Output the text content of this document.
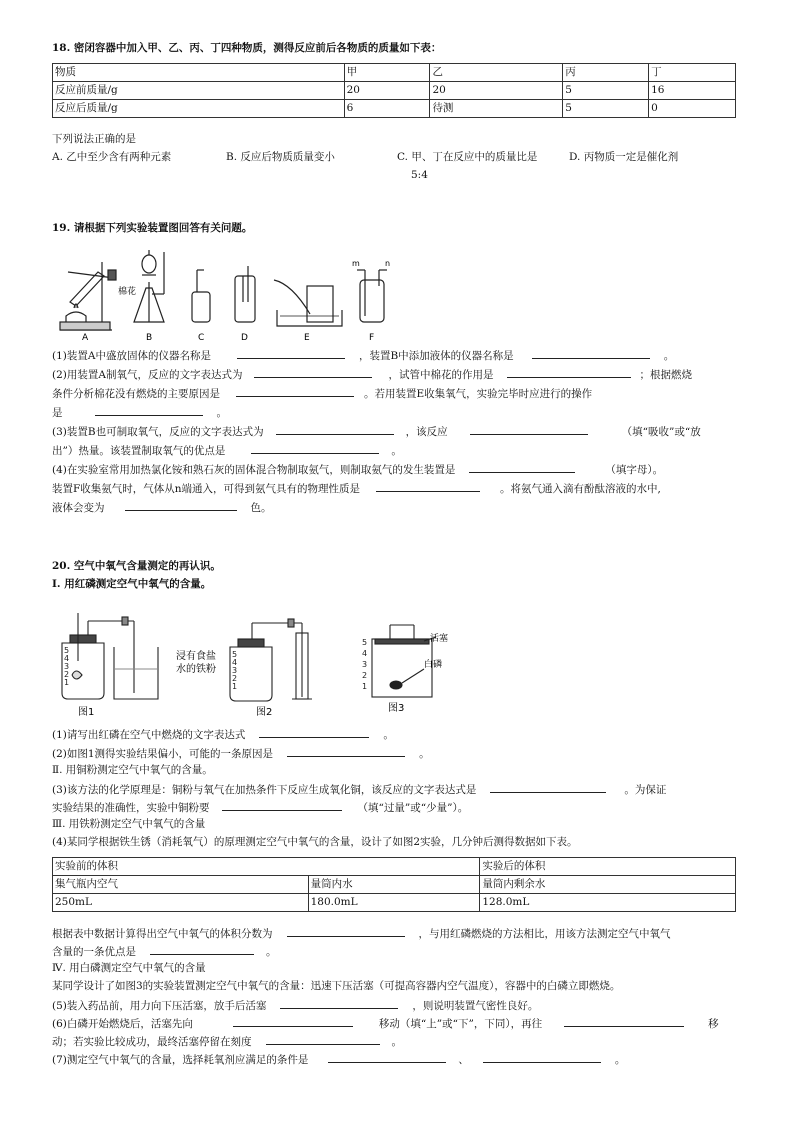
18. 密闭容器中加入甲、乙、丙、丁四种物质，测得反应前后各物质的质量如下表：
物质	甲	乙	丙	丁
反应前质量/g	20	20	5	16
反应后质量/g	6	待测	5	0
下列说法正确的是
A. 乙中至少含有两种元素	B. 反应后物质质量变小	C. 甲、丁在反应中的质量比是
5:4
D. 丙物质一定是催化剂
19. 请根据下列实验装置图回答有关问题。
棉花
A	B	C	D	E	F
m	n
(1)装置A中盛放固体的仪器名称是	，装置B中添加液体的仪器名称是	。
(2)用装置A制氧气，反应的文字表达式为	，试管中棉花的作用是	；根据燃烧
条件分析棉花没有燃烧的主要原因是	。若用装置E收集氧气，实验完毕时应进行的操作
是	。
(3)装置B也可制取氧气，反应的文字表达式为	，该反应	（填“吸收”或“放
出”）热量。该装置制取氧气的优点是	。
(4)在实验室常用加热氯化铵和熟石灰的固体混合物制取氨气，则制取氨气的发生装置是	（填字母）。
装置F收集氨气时，气体从n端通入，可得到氨气具有的物理性质是	。将氨气通入滴有酚酞溶液的水中,
液体会变为	色。
20. 空气中氧气含量测定的再认识。
Ⅰ. 用红磷测定空气中氧气的含量。
5
4
3
2
1
5
4
3
2
1
5
4
3
2
1
浸有食盐
水的铁粉
活塞
白磷
图1	图2	图3
(1)请写出红磷在空气中燃烧的文字表达式	。
(2)如图1测得实验结果偏小，可能的一条原因是	。
Ⅱ. 用铜粉测定空气中氧气的含量。
(3)该方法的化学原理是：铜粉与氧气在加热条件下反应生成氧化铜，该反应的文字表达式是	。为保证
实验结果的准确性，实验中铜粉要	（填“过量”或“少量”）。
Ⅲ. 用铁粉测定空气中氧气的含量
(4)某同学根据铁生锈（消耗氧气）的原理测定空气中氧气的含量，设计了如图2实验，几分钟后测得数据如下表。
实验前的体积		实验后的体积
集气瓶内空气	量筒内水	量筒内剩余水
250mL	180.0mL	128.0mL
根据表中数据计算得出空气中氧气的体积分数为	，与用红磷燃烧的方法相比，用该方法测定空气中氧气
含量的一条优点是	。
Ⅳ. 用白磷测定空气中氧气的含量
某同学设计了如图3的实验装置测定空气中氧气的含量：迅速下压活塞（可提高容器内空气温度），容器中的白磷立即燃烧。
(5)装入药品前，用力向下压活塞，放手后活塞	，则说明装置气密性良好。
(6)白磷开始燃烧后，活塞先向	移动（填“上”或“下”，下同），再往	移
动；若实验比较成功，最终活塞停留在刻度	。
(7)测定空气中氧气的含量，选择耗氧剂应满足的条件是	、	。
